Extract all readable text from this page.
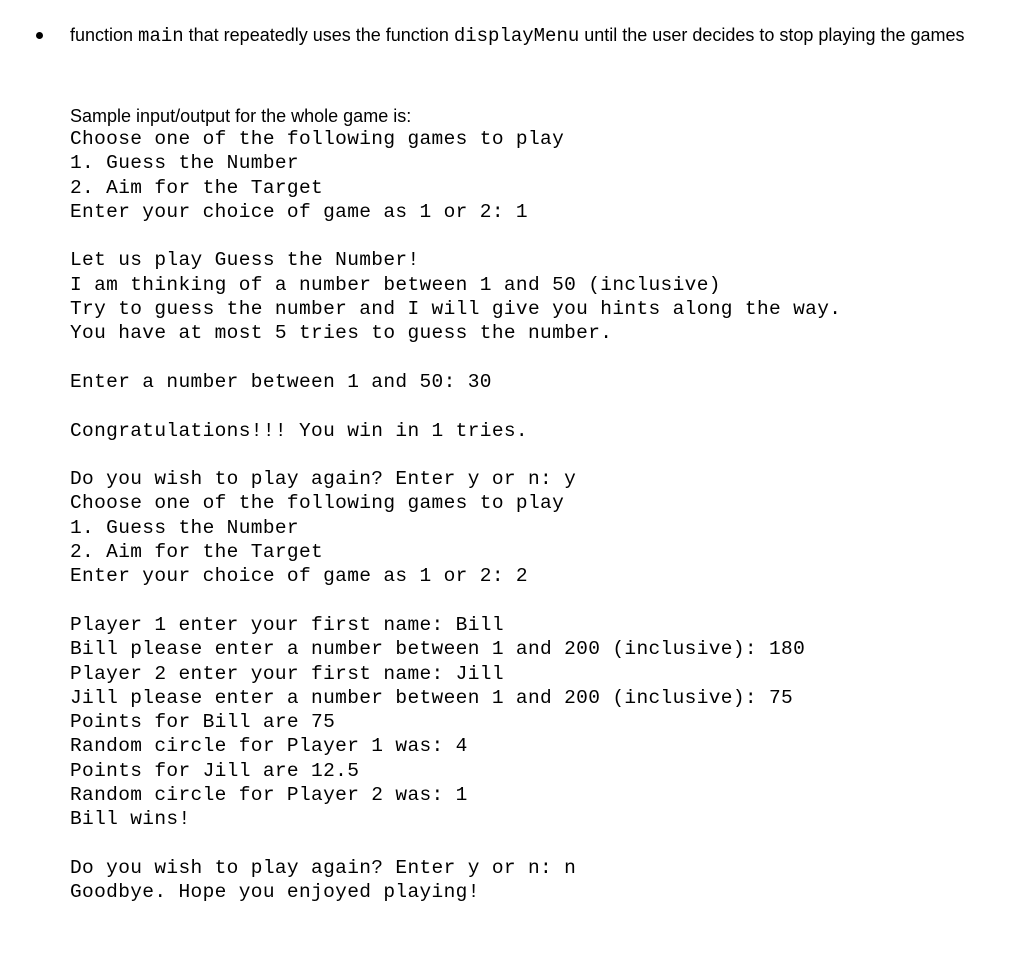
function main that repeatedly uses the function displayMenu until the user decides to stop playing the games
Sample input/output for the whole game is:
Choose one of the following games to play
1. Guess the Number
2. Aim for the Target
Enter your choice of game as 1 or 2: 1
Let us play Guess the Number!
I am thinking of a number between 1 and 50 (inclusive)
Try to guess the number and I will give you hints along the way.
You have at most 5 tries to guess the number.
Enter a number between 1 and 50: 30
Congratulations!!! You win in 1 tries.
Do you wish to play again? Enter y or n: y
Choose one of the following games to play
1. Guess the Number
2. Aim for the Target
Enter your choice of game as 1 or 2: 2
Player 1 enter your first name: Bill
Bill please enter a number between 1 and 200 (inclusive): 180
Player 2 enter your first name: Jill
Jill please enter a number between 1 and 200 (inclusive): 75
Points for Bill are 75
Random circle for Player 1 was: 4
Points for Jill are 12.5
Random circle for Player 2 was: 1
Bill wins!
Do you wish to play again? Enter y or n: n
Goodbye. Hope you enjoyed playing!
